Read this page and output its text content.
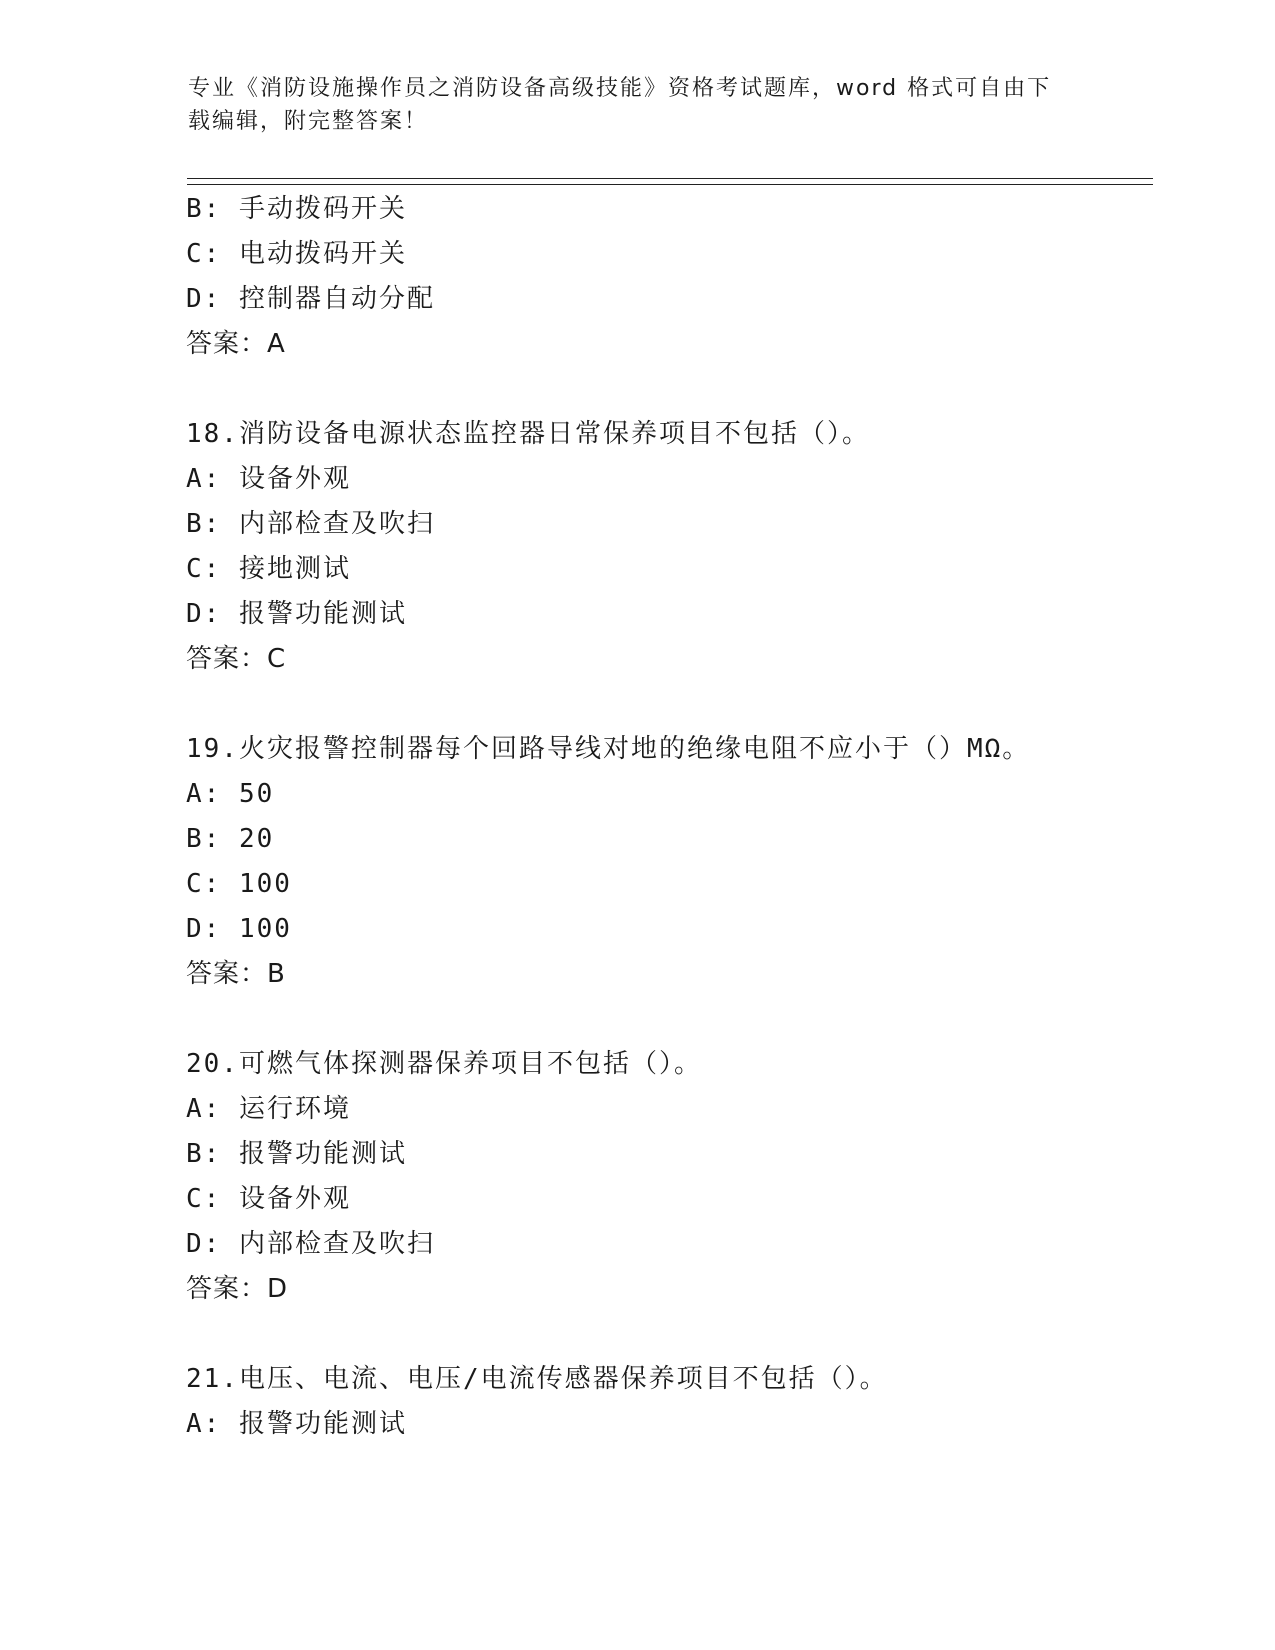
专业《消防设施操作员之消防设备高级技能》资格考试题库，word 格式可自由下
载编辑，附完整答案！
B: 手动拨码开关
C: 电动拨码开关
D: 控制器自动分配
答案：A
18.消防设备电源状态监控器日常保养项目不包括（）。
A: 设备外观
B: 内部检查及吹扫
C: 接地测试
D: 报警功能测试
答案：C
19.火灾报警控制器每个回路导线对地的绝缘电阻不应小于（）MΩ。
A: 50
B: 20
C: 100
D: 100
答案：B
20.可燃气体探测器保养项目不包括（）。
A: 运行环境
B: 报警功能测试
C: 设备外观
D: 内部检查及吹扫
答案：D
21.电压、电流、电压/电流传感器保养项目不包括（）。
A: 报警功能测试
